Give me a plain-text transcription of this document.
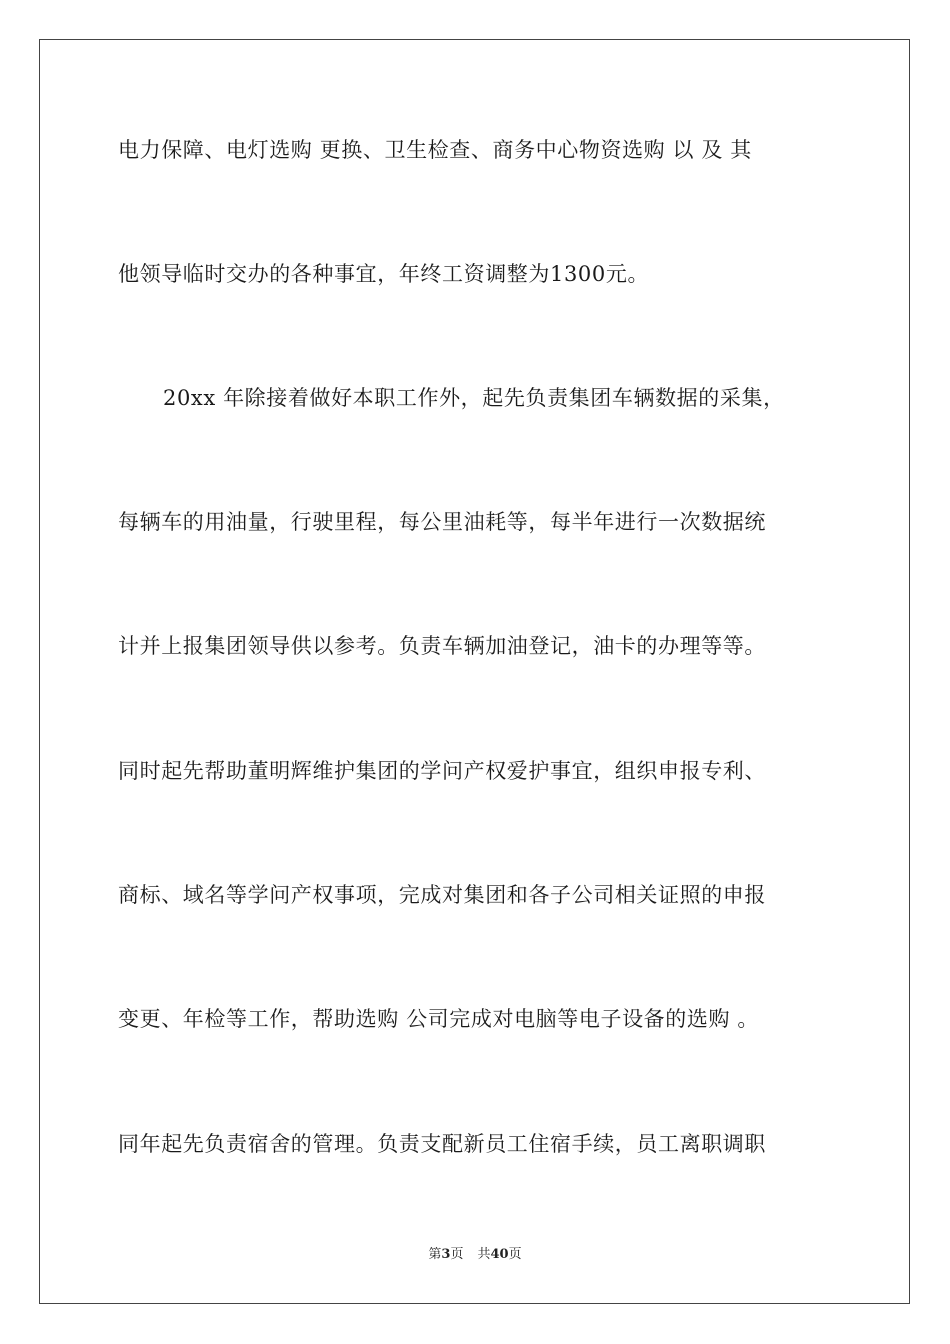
电力保障、电灯选购 更换、卫生检查、商务中心物资选购 以 及 其
他领导临时交办的各种事宜，年终工资调整为1300元。
20xx 年除接着做好本职工作外，起先负责集团车辆数据的采集，
每辆车的用油量，行驶里程，每公里油耗等，每半年进行一次数据统
计并上报集团领导供以参考。负责车辆加油登记，油卡的办理等等。
同时起先帮助董明辉维护集团的学问产权爱护事宜，组织申报专利、
商标、域名等学问产权事项，完成对集团和各子公司相关证照的申报
变更、年检等工作，帮助选购 公司完成对电脑等电子设备的选购 。
同年起先负责宿舍的管理。负责支配新员工住宿手续，员工离职调职
第3页 共40页
